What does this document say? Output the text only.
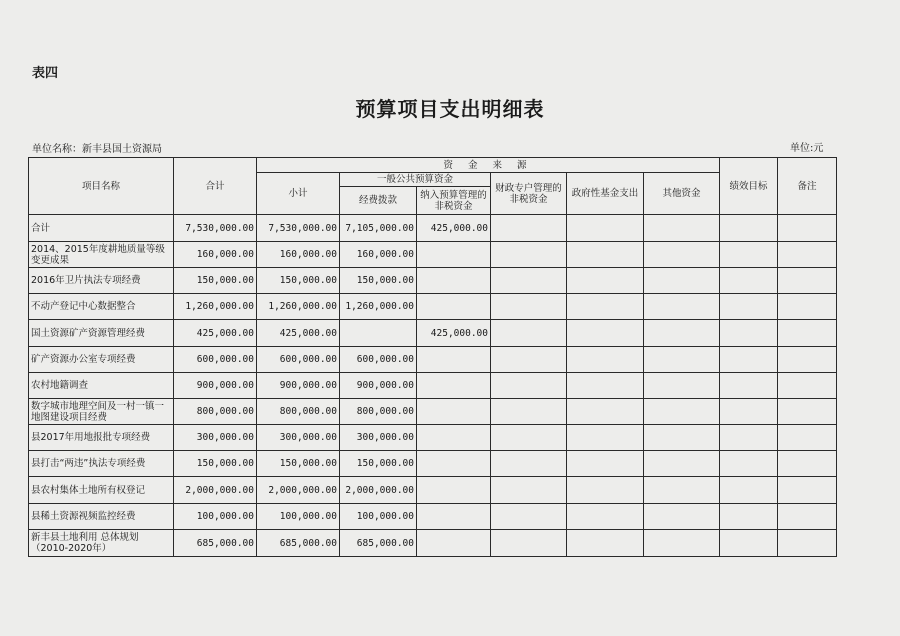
表四
预算项目支出明细表
单位名称：新丰县国土资源局	单位:元
项目名称	合计	资 金 来 源						绩效目标	备注
		小计	一般公共预算资金		财政专户管理的非税资金	政府性基金支出	其他资金		
			经费拨款	纳入预算管理的非税资金					
合计	7,530,000.00	7,530,000.00	7,105,000.00	425,000.00					
2014、2015年度耕地质量等级变更成果	160,000.00	160,000.00	160,000.00						
2016年卫片执法专项经费	150,000.00	150,000.00	150,000.00						
不动产登记中心数据整合	1,260,000.00	1,260,000.00	1,260,000.00						
国土资源矿产资源管理经费	425,000.00	425,000.00		425,000.00					
矿产资源办公室专项经费	600,000.00	600,000.00	600,000.00						
农村地籍调查	900,000.00	900,000.00	900,000.00						
数字城市地理空间及一村一镇一地图建设项目经费	800,000.00	800,000.00	800,000.00						
县2017年用地报批专项经费	300,000.00	300,000.00	300,000.00						
县打击“两违”执法专项经费	150,000.00	150,000.00	150,000.00						
县农村集体土地所有权登记	2,000,000.00	2,000,000.00	2,000,000.00						
县稀土资源视频监控经费	100,000.00	100,000.00	100,000.00						
新丰县土地利用 总体规划（2010-2020年）	685,000.00	685,000.00	685,000.00						
